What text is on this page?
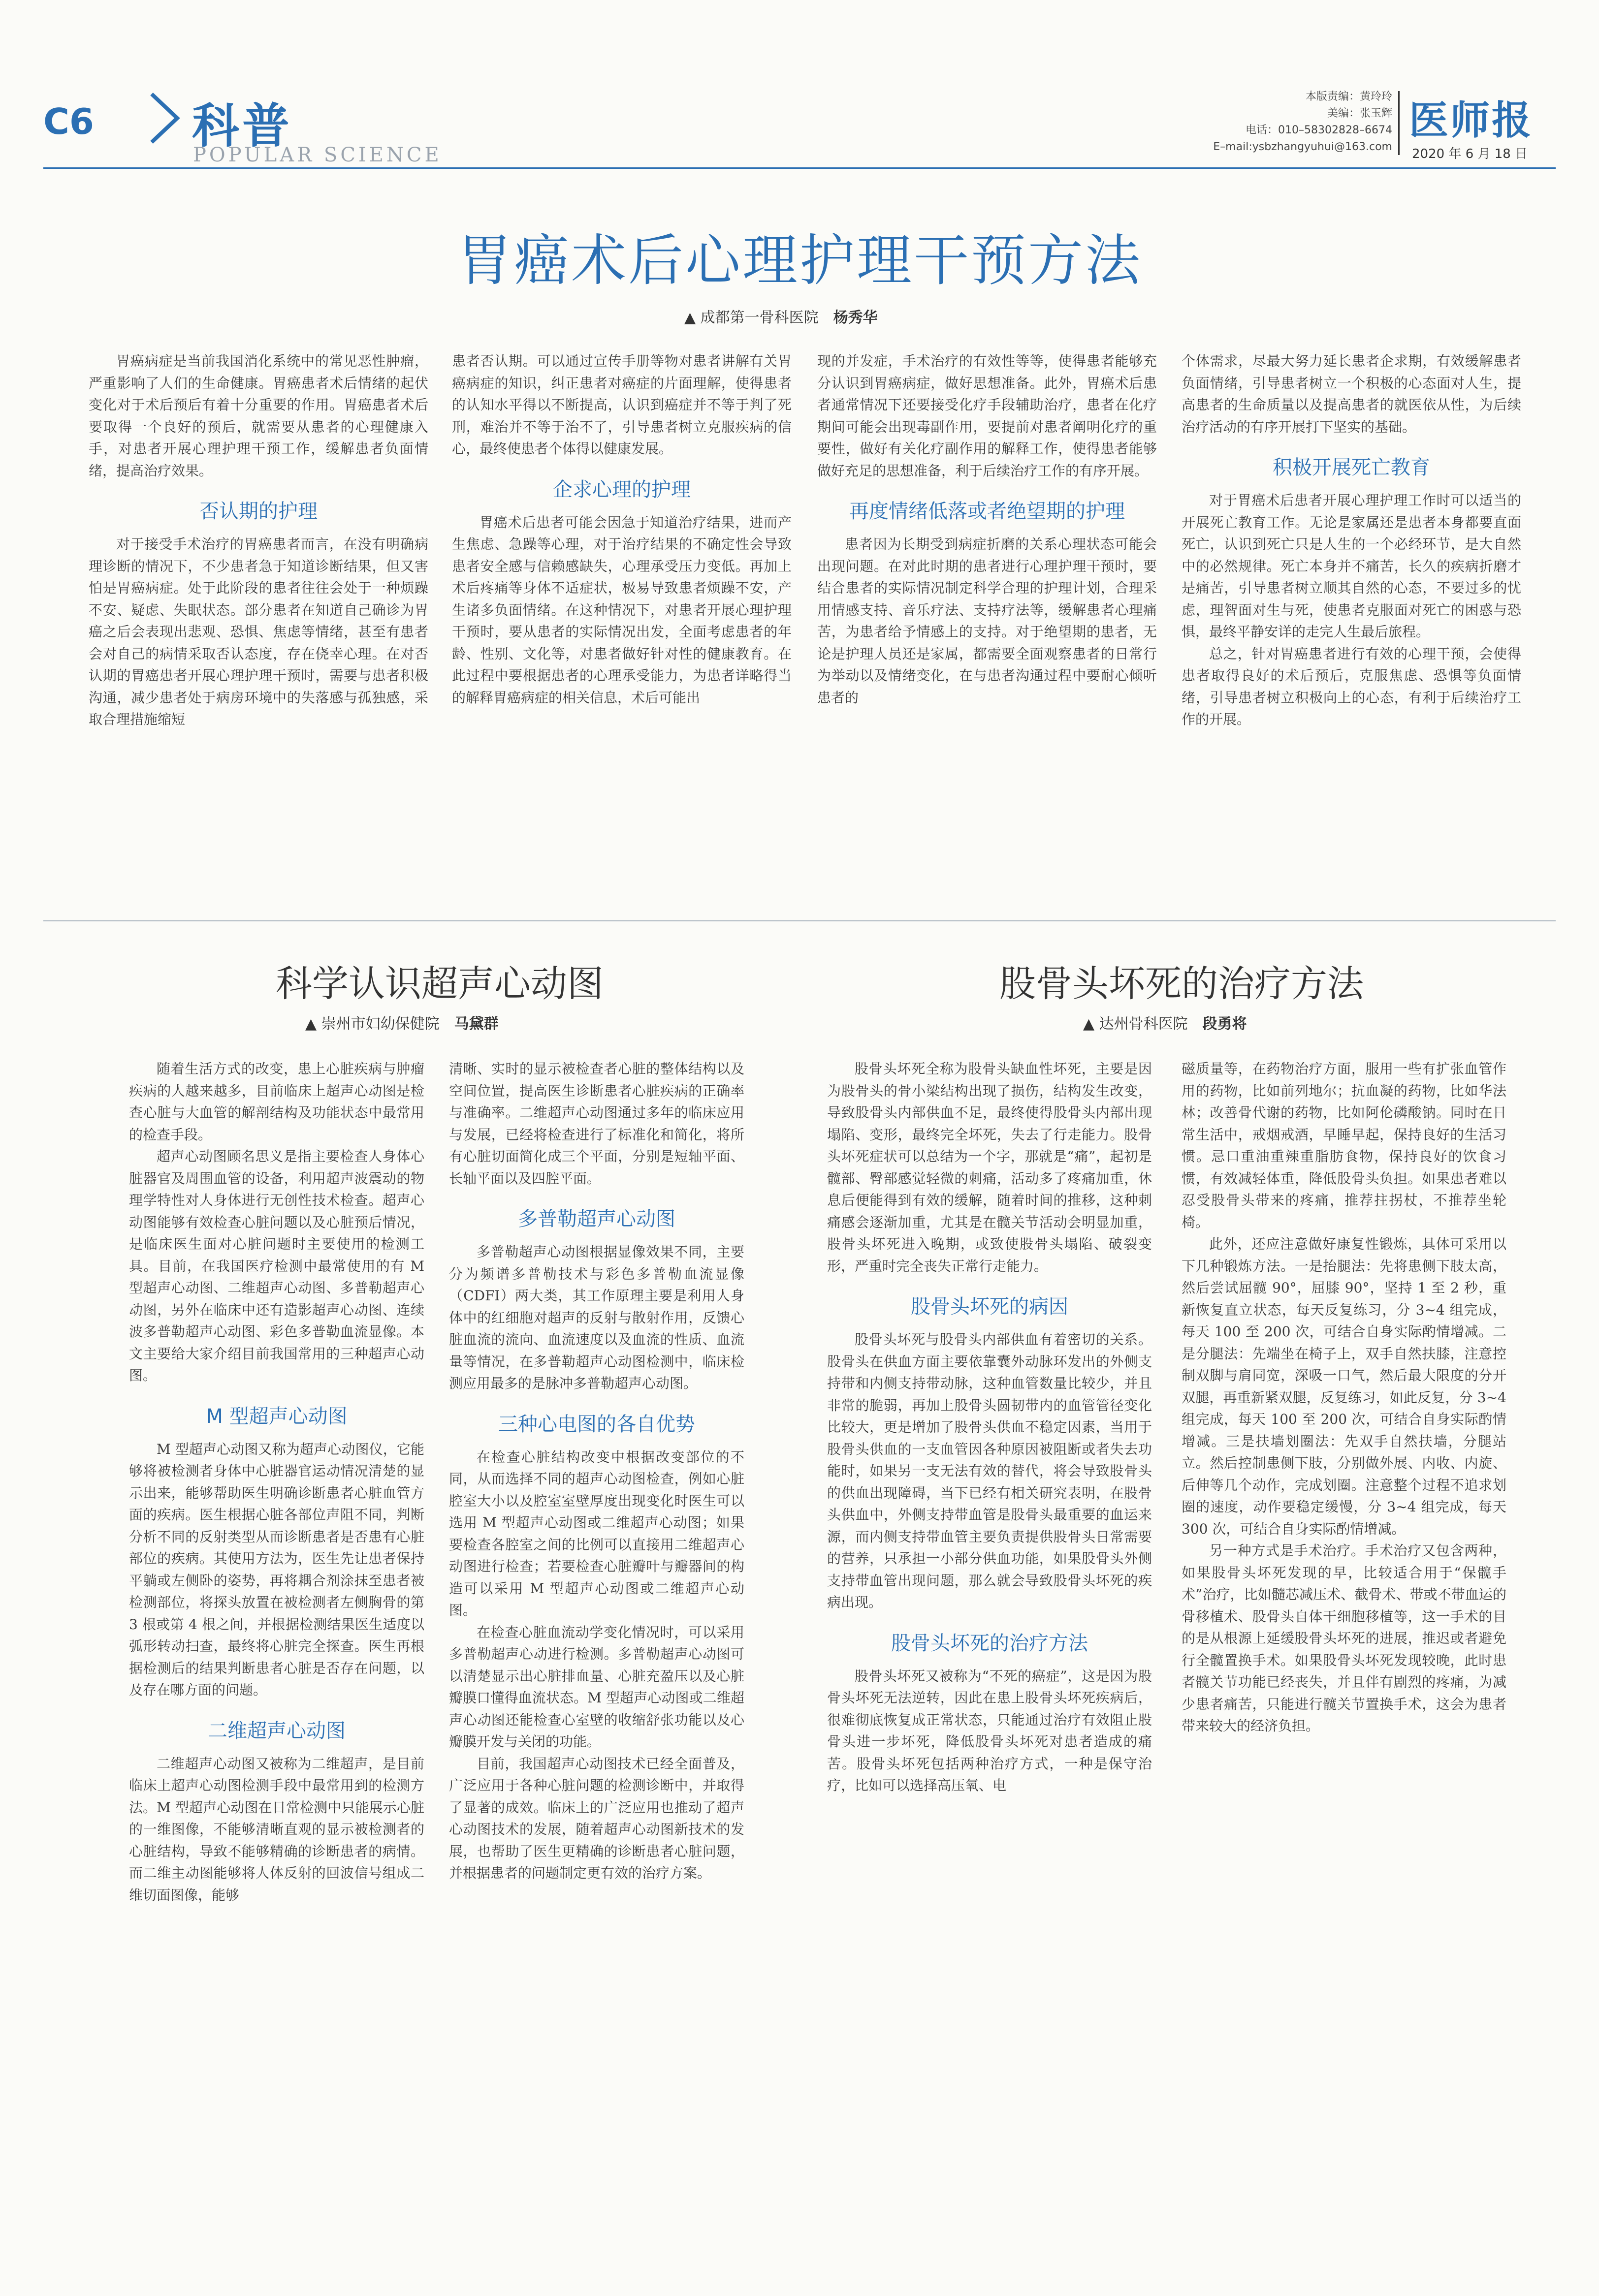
C6 科普
POPULAR SCIENCE
本版责编：黄玲玲
美编：张玉辉
电话：010–58302828–6674
E–mail:ysbzhangyuhui@163.com
医师报
2020 年 6 月 18 日
胃癌术后心理护理干预方法
▲ 成都第一骨科医院 杨秀华

胃癌病症是当前我国消化系统中的常见恶性肿瘤，严重影响了人们的生命健康。胃癌患者术后情绪的起伏变化对于术后预后有着十分重要的作用。胃癌患者术后要取得一个良好的预后，就需要从患者的心理健康入手，对患者开展心理护理干预工作，缓解患者负面情绪，提高治疗效果。

否认期的护理

对于接受手术治疗的胃癌患者而言，在没有明确病理诊断的情况下，不少患者急于知道诊断结果，但又害怕是胃癌病症。处于此阶段的患者往往会处于一种烦躁不安、疑虑、失眠状态。部分患者在知道自己确诊为胃癌之后会表现出悲观、恐惧、焦虑等情绪，甚至有患者会对自己的病情采取否认态度，存在侥幸心理。在对否认期的胃癌患者开展心理护理干预时，需要与患者积极沟通，减少患者处于病房环境中的失落感与孤独感，采取合理措施缩短

患者否认期。可以通过宣传手册等物对患者讲解有关胃癌病症的知识，纠正患者对癌症的片面理解，使得患者的认知水平得以不断提高，认识到癌症并不等于判了死刑，难治并不等于治不了，引导患者树立克服疾病的信心，最终使患者个体得以健康发展。

企求心理的护理

胃癌术后患者可能会因急于知道治疗结果，进而产生焦虑、急躁等心理，对于治疗结果的不确定性会导致患者安全感与信赖感缺失，心理承受压力变低。再加上术后疼痛等身体不适症状，极易导致患者烦躁不安，产生诸多负面情绪。在这种情况下，对患者开展心理护理干预时，要从患者的实际情况出发，全面考虑患者的年龄、性别、文化等，对患者做好针对性的健康教育。在此过程中要根据患者的心理承受能力，为患者详略得当的解释胃癌病症的相关信息，术后可能出

现的并发症，手术治疗的有效性等等，使得患者能够充分认识到胃癌病症，做好思想准备。此外，胃癌术后患者通常情况下还要接受化疗手段辅助治疗，患者在化疗期间可能会出现毒副作用，要提前对患者阐明化疗的重要性，做好有关化疗副作用的解释工作，使得患者能够做好充足的思想准备，利于后续治疗工作的有序开展。

再度情绪低落或者绝望期的护理

患者因为长期受到病症折磨的关系心理状态可能会出现问题。在对此时期的患者进行心理护理干预时，要结合患者的实际情况制定科学合理的护理计划，合理采用情感支持、音乐疗法、支持疗法等，缓解患者心理痛苦，为患者给予情感上的支持。对于绝望期的患者，无论是护理人员还是家属，都需要全面观察患者的日常行为举动以及情绪变化，在与患者沟通过程中要耐心倾听患者的

个体需求，尽最大努力延长患者企求期，有效缓解患者负面情绪，引导患者树立一个积极的心态面对人生，提高患者的生命质量以及提高患者的就医依从性，为后续治疗活动的有序开展打下坚实的基础。

积极开展死亡教育

对于胃癌术后患者开展心理护理工作时可以适当的开展死亡教育工作。无论是家属还是患者本身都要直面死亡，认识到死亡只是人生的一个必经环节，是大自然中的必然规律。死亡本身并不痛苦，长久的疾病折磨才是痛苦，引导患者树立顺其自然的心态，不要过多的忧虑，理智面对生与死，使患者克服面对死亡的困惑与恐惧，最终平静安详的走完人生最后旅程。

总之，针对胃癌患者进行有效的心理干预，会使得患者取得良好的术后预后，克服焦虑、恐惧等负面情绪，引导患者树立积极向上的心态，有利于后续治疗工作的开展。

科学认识超声心动图
▲ 崇州市妇幼保健院 马黛群

随着生活方式的改变，患上心脏疾病与肿瘤疾病的人越来越多，目前临床上超声心动图是检查心脏与大血管的解剖结构及功能状态中最常用的检查手段。

超声心动图顾名思义是指主要检查人身体心脏器官及周围血管的设备，利用超声波震动的物理学特性对人身体进行无创性技术检查。超声心动图能够有效检查心脏问题以及心脏预后情况，是临床医生面对心脏问题时主要使用的检测工具。目前，在我国医疗检测中最常使用的有 M 型超声心动图、二维超声心动图、多普勒超声心动图，另外在临床中还有造影超声心动图、连续波多普勒超声心动图、彩色多普勒血流显像。本文主要给大家介绍目前我国常用的三种超声心动图。

M 型超声心动图

M 型超声心动图又称为超声心动图仪，它能够将被检测者身体中心脏器官运动情况清楚的显示出来，能够帮助医生明确诊断患者心脏血管方面的疾病。医生根据心脏各部位声阻不同，判断分析不同的反射类型从而诊断患者是否患有心脏部位的疾病。其使用方法为，医生先让患者保持平躺或左侧卧的姿势，再将耦合剂涂抹至患者被检测部位，将探头放置在被检测者左侧胸骨的第 3 根或第 4 根之间，并根据检测结果医生适度以弧形转动扫查，最终将心脏完全探查。医生再根据检测后的结果判断患者心脏是否存在问题，以及存在哪方面的问题。

二维超声心动图

二维超声心动图又被称为二维超声，是目前临床上超声心动图检测手段中最常用到的检测方法。M 型超声心动图在日常检测中只能展示心脏的一维图像，不能够清晰直观的显示被检测者的心脏结构，导致不能够精确的诊断患者的病情。而二维主动图能够将人体反射的回波信号组成二维切面图像，能够

清晰、实时的显示被检查者心脏的整体结构以及空间位置，提高医生诊断患者心脏疾病的正确率与准确率。二维超声心动图通过多年的临床应用与发展，已经将检查进行了标准化和简化，将所有心脏切面简化成三个平面，分别是短轴平面、长轴平面以及四腔平面。

多普勒超声心动图

多普勒超声心动图根据显像效果不同，主要分为频谱多普勒技术与彩色多普勒血流显像（CDFI）两大类，其工作原理主要是利用人身体中的红细胞对超声的反射与散射作用，反馈心脏血流的流向、血流速度以及血流的性质、血流量等情况，在多普勒超声心动图检测中，临床检测应用最多的是脉冲多普勒超声心动图。

三种心电图的各自优势

在检查心脏结构改变中根据改变部位的不同，从而选择不同的超声心动图检查，例如心脏腔室大小以及腔室室壁厚度出现变化时医生可以选用 M 型超声心动图或二维超声心动图；如果要检查各腔室之间的比例可以直接用二维超声心动图进行检查；若要检查心脏瓣叶与瓣器间的构造可以采用 M 型超声心动图或二维超声心动图。

在检查心脏血流动学变化情况时，可以采用多普勒超声心动进行检测。多普勒超声心动图可以清楚显示出心脏排血量、心脏充盈压以及心脏瓣膜口懂得血流状态。M 型超声心动图或二维超声心动图还能检查心室壁的收缩舒张功能以及心瓣膜开发与关闭的功能。

目前，我国超声心动图技术已经全面普及，广泛应用于各种心脏问题的检测诊断中，并取得了显著的成效。临床上的广泛应用也推动了超声心动图技术的发展，随着超声心动图新技术的发展，也帮助了医生更精确的诊断患者心脏问题，并根据患者的问题制定更有效的治疗方案。

股骨头坏死的治疗方法
▲ 达州骨科医院 段勇将

股骨头坏死全称为股骨头缺血性坏死，主要是因为股骨头的骨小梁结构出现了损伤，结构发生改变，导致股骨头内部供血不足，最终使得股骨头内部出现塌陷、变形，最终完全坏死，失去了行走能力。股骨头坏死症状可以总结为一个字，那就是“痛”，起初是髋部、臀部感觉轻微的刺痛，活动多了疼痛加重，休息后便能得到有效的缓解，随着时间的推移，这种刺痛感会逐渐加重，尤其是在髋关节活动会明显加重，股骨头坏死进入晚期，或致使股骨头塌陷、破裂变形，严重时完全丧失正常行走能力。

股骨头坏死的病因

股骨头坏死与股骨头内部供血有着密切的关系。股骨头在供血方面主要依靠囊外动脉环发出的外侧支持带和内侧支持带动脉，这种血管数量比较少，并且非常的脆弱，再加上股骨头圆韧带内的血管管径变化比较大，更是增加了股骨头供血不稳定因素，当用于股骨头供血的一支血管因各种原因被阻断或者失去功能时，如果另一支无法有效的替代，将会导致股骨头的供血出现障碍，当下已经有相关研究表明，在股骨头供血中，外侧支持带血管是股骨头最重要的血运来源，而内侧支持带血管主要负责提供股骨头日常需要的营养，只承担一小部分供血功能，如果股骨头外侧支持带血管出现问题，那么就会导致股骨头坏死的疾病出现。

股骨头坏死的治疗方法

股骨头坏死又被称为“不死的癌症”，这是因为股骨头坏死无法逆转，因此在患上股骨头坏死疾病后，很难彻底恢复成正常状态，只能通过治疗有效阻止股骨头进一步坏死，降低股骨头坏死对患者造成的痛苦。股骨头坏死包括两种治疗方式，一种是保守治疗，比如可以选择高压氧、电

磁质量等，在药物治疗方面，服用一些有扩张血管作用的药物，比如前列地尔；抗血凝的药物，比如华法林；改善骨代谢的药物，比如阿伦磷酸钠。同时在日常生活中，戒烟戒酒，早睡早起，保持良好的生活习惯。忌口重油重辣重脂肪食物，保持良好的饮食习惯，有效减轻体重，降低股骨头负担。如果患者难以忍受股骨头带来的疼痛，推荐拄拐杖，不推荐坐轮椅。

此外，还应注意做好康复性锻炼，具体可采用以下几种锻炼方法。一是抬腿法：先将患侧下肢太高，然后尝试屈髋 90°，屈膝 90°，坚持 1 至 2 秒，重新恢复直立状态，每天反复练习，分 3~4 组完成，每天 100 至 200 次，可结合自身实际酌情增减。二是分腿法：先端坐在椅子上，双手自然扶膝，注意控制双脚与肩同宽，深吸一口气，然后最大限度的分开双腿，再重新紧双腿，反复练习，如此反复，分 3~4 组完成，每天 100 至 200 次，可结合自身实际酌情增减。三是扶墙划圈法：先双手自然扶墙，分腿站立。然后控制患侧下肢，分别做外展、内收、内旋、后伸等几个动作，完成划圈。注意整个过程不追求划圈的速度，动作要稳定缓慢，分 3~4 组完成，每天 300 次，可结合自身实际酌情增减。

另一种方式是手术治疗。手术治疗又包含两种，如果股骨头坏死发现的早，比较适合用于“保髋手术”治疗，比如髓芯减压术、截骨术、带或不带血运的骨移植术、股骨头自体干细胞移植等，这一手术的目的是从根源上延缓股骨头坏死的进展，推迟或者避免行全髋置换手术。如果股骨头坏死发现较晚，此时患者髋关节功能已经丧失，并且伴有剧烈的疼痛，为减少患者痛苦，只能进行髋关节置换手术，这会为患者带来较大的经济负担。
